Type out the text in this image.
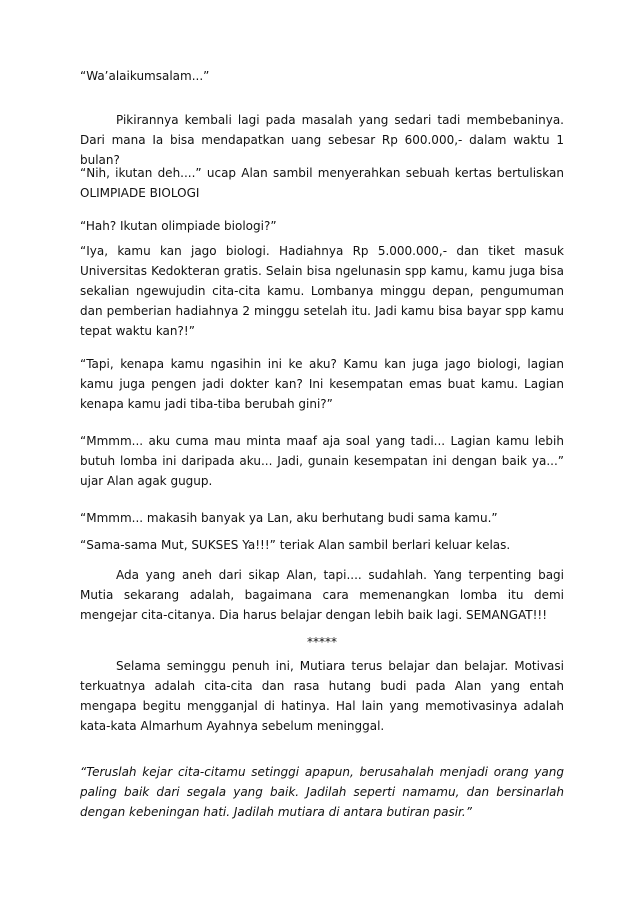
“Wa’alaikumsalam...”

Pikirannya kembali lagi pada masalah yang sedari tadi membebaninya. Dari mana Ia bisa mendapatkan uang sebesar Rp 600.000,- dalam waktu 1 bulan?

“Nih, ikutan deh....” ucap Alan sambil menyerahkan sebuah kertas bertuliskan OLIMPIADE BIOLOGI

“Hah? Ikutan olimpiade biologi?”

“Iya, kamu kan jago biologi. Hadiahnya Rp 5.000.000,- dan tiket masuk Universitas Kedokteran gratis. Selain bisa ngelunasin spp kamu, kamu juga bisa sekalian ngewujudin cita-cita kamu. Lombanya minggu depan, pengumuman dan pemberian hadiahnya 2 minggu setelah itu. Jadi kamu bisa bayar spp kamu tepat waktu kan?!”

“Tapi, kenapa kamu ngasihin ini ke aku? Kamu kan juga jago biologi, lagian kamu juga pengen jadi dokter kan? Ini kesempatan emas buat kamu. Lagian kenapa kamu jadi tiba-tiba berubah gini?”

“Mmmm... aku cuma mau minta maaf aja soal yang tadi... Lagian kamu lebih butuh lomba ini daripada aku... Jadi, gunain kesempatan ini dengan baik ya...” ujar Alan agak gugup.

“Mmmm... makasih banyak ya Lan, aku berhutang budi sama kamu.”

“Sama-sama Mut, SUKSES Ya!!!” teriak Alan sambil berlari keluar kelas.

Ada yang aneh dari sikap Alan, tapi.... sudahlah. Yang terpenting bagi Mutia sekarang adalah, bagaimana cara memenangkan lomba itu demi mengejar cita-citanya. Dia harus belajar dengan lebih baik lagi. SEMANGAT!!!

*****

Selama seminggu penuh ini, Mutiara terus belajar dan belajar. Motivasi terkuatnya adalah cita-cita dan rasa hutang budi pada Alan yang entah mengapa begitu mengganjal di hatinya. Hal lain yang memotivasinya adalah kata-kata Almarhum Ayahnya sebelum meninggal.

“Teruslah kejar cita-citamu setinggi apapun, berusahalah menjadi orang yang paling baik dari segala yang baik. Jadilah seperti namamu, dan bersinarlah dengan kebeningan hati. Jadilah mutiara di antara butiran pasir.”
